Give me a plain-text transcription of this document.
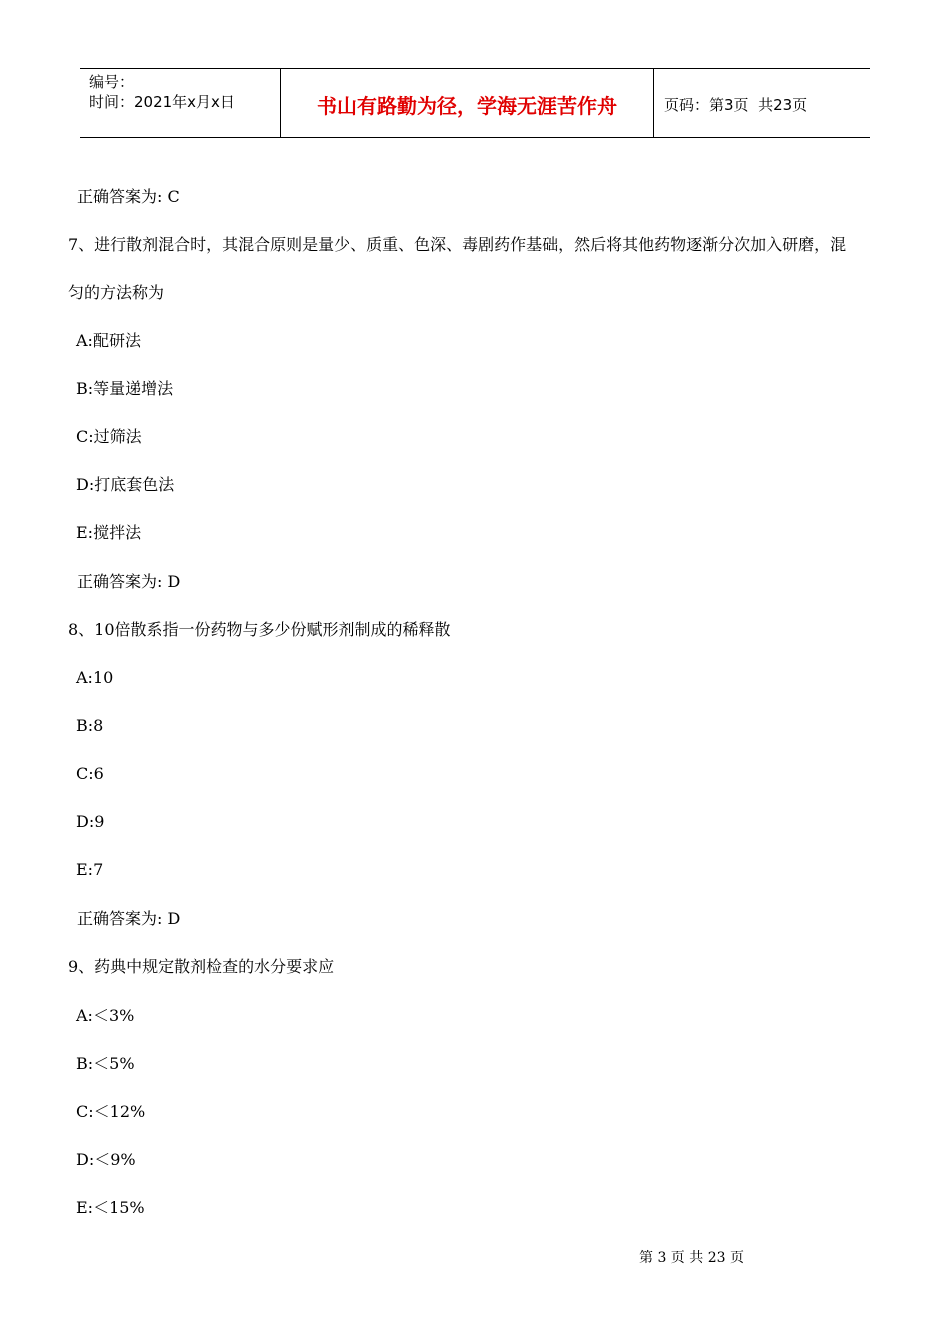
编号：
时间：2021年x月x日	书山有路勤为径，学海无涯苦作舟	页码：第3页  共23页
正确答案为: C
7、进行散剂混合时，其混合原则是量少、质重、色深、毒剧药作基础，然后将其他药物逐渐分次加入研磨，混
匀的方法称为
A:配研法
B:等量递增法
C:过筛法
D:打底套色法
E:搅拌法
正确答案为: D
8、10倍散系指一份药物与多少份赋形剂制成的稀释散
A:10
B:8
C:6
D:9
E:7
正确答案为: D
9、药典中规定散剂检查的水分要求应
A:＜3%
B:＜5%
C:＜12%
D:＜9%
E:＜15%
第 3 页 共 23 页
